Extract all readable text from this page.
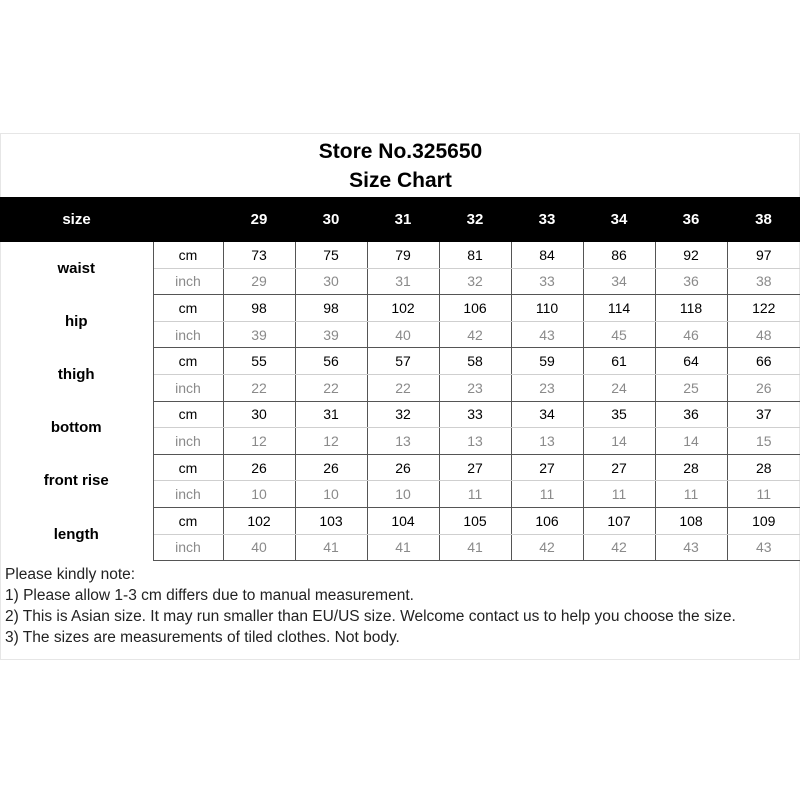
Store No.325650
Size Chart
size		29	30	31	32	33	34	36	38
waist	cm	73	75	79	81	84	86	92	97
	inch	29	30	31	32	33	34	36	38
hip	cm	98	98	102	106	110	114	118	122
	inch	39	39	40	42	43	45	46	48
thigh	cm	55	56	57	58	59	61	64	66
	inch	22	22	22	23	23	24	25	26
bottom	cm	30	31	32	33	34	35	36	37
	inch	12	12	13	13	13	14	14	15
front rise	cm	26	26	26	27	27	27	28	28
	inch	10	10	10	11	11	11	11	11
length	cm	102	103	104	105	106	107	108	109
	inch	40	41	41	41	42	42	43	43
Please kindly note:
1) Please allow 1-3 cm differs due to manual measurement.
2) This is Asian size. It may run smaller than EU/US size. Welcome contact us to help you choose the size.
3) The sizes are measurements of tiled clothes. Not body.
